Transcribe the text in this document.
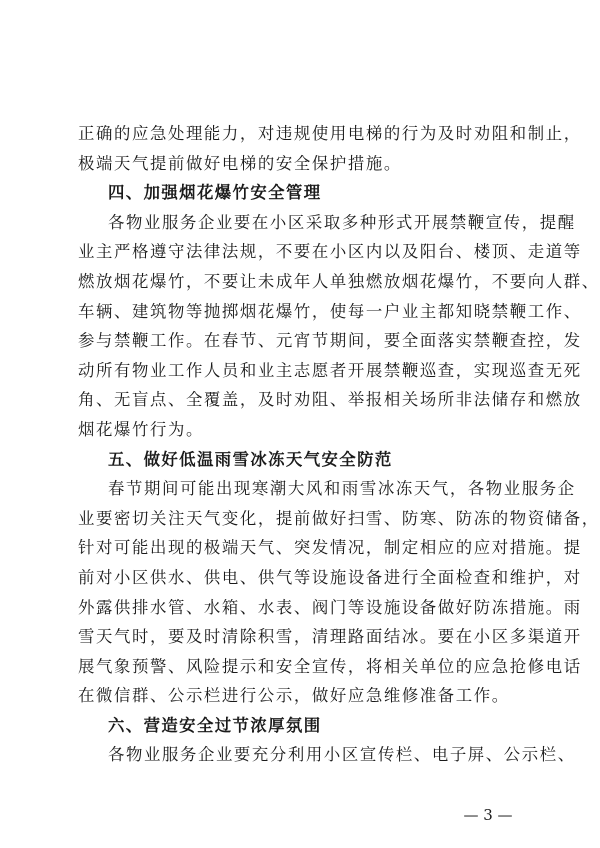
正确的应急处理能力，对违规使用电梯的行为及时劝阻和制止，
极端天气提前做好电梯的安全保护措施。
四、加强烟花爆竹安全管理
各物业服务企业要在小区采取多种形式开展禁鞭宣传，提醒
业主严格遵守法律法规，不要在小区内以及阳台、楼顶、走道等
燃放烟花爆竹，不要让未成年人单独燃放烟花爆竹，不要向人群、
车辆、建筑物等抛掷烟花爆竹，使每一户业主都知晓禁鞭工作、
参与禁鞭工作。在春节、元宵节期间，要全面落实禁鞭查控，发
动所有物业工作人员和业主志愿者开展禁鞭巡查，实现巡查无死
角、无盲点、全覆盖，及时劝阻、举报相关场所非法储存和燃放
烟花爆竹行为。
五、做好低温雨雪冰冻天气安全防范
春节期间可能出现寒潮大风和雨雪冰冻天气，各物业服务企
业要密切关注天气变化，提前做好扫雪、防寒、防冻的物资储备，
针对可能出现的极端天气、突发情况，制定相应的应对措施。提
前对小区供水、供电、供气等设施设备进行全面检查和维护，对
外露供排水管、水箱、水表、阀门等设施设备做好防冻措施。雨
雪天气时，要及时清除积雪，清理路面结冰。要在小区多渠道开
展气象预警、风险提示和安全宣传，将相关单位的应急抢修电话
在微信群、公示栏进行公示，做好应急维修准备工作。
六、营造安全过节浓厚氛围
各物业服务企业要充分利用小区宣传栏、电子屏、公示栏、
— 3 —
